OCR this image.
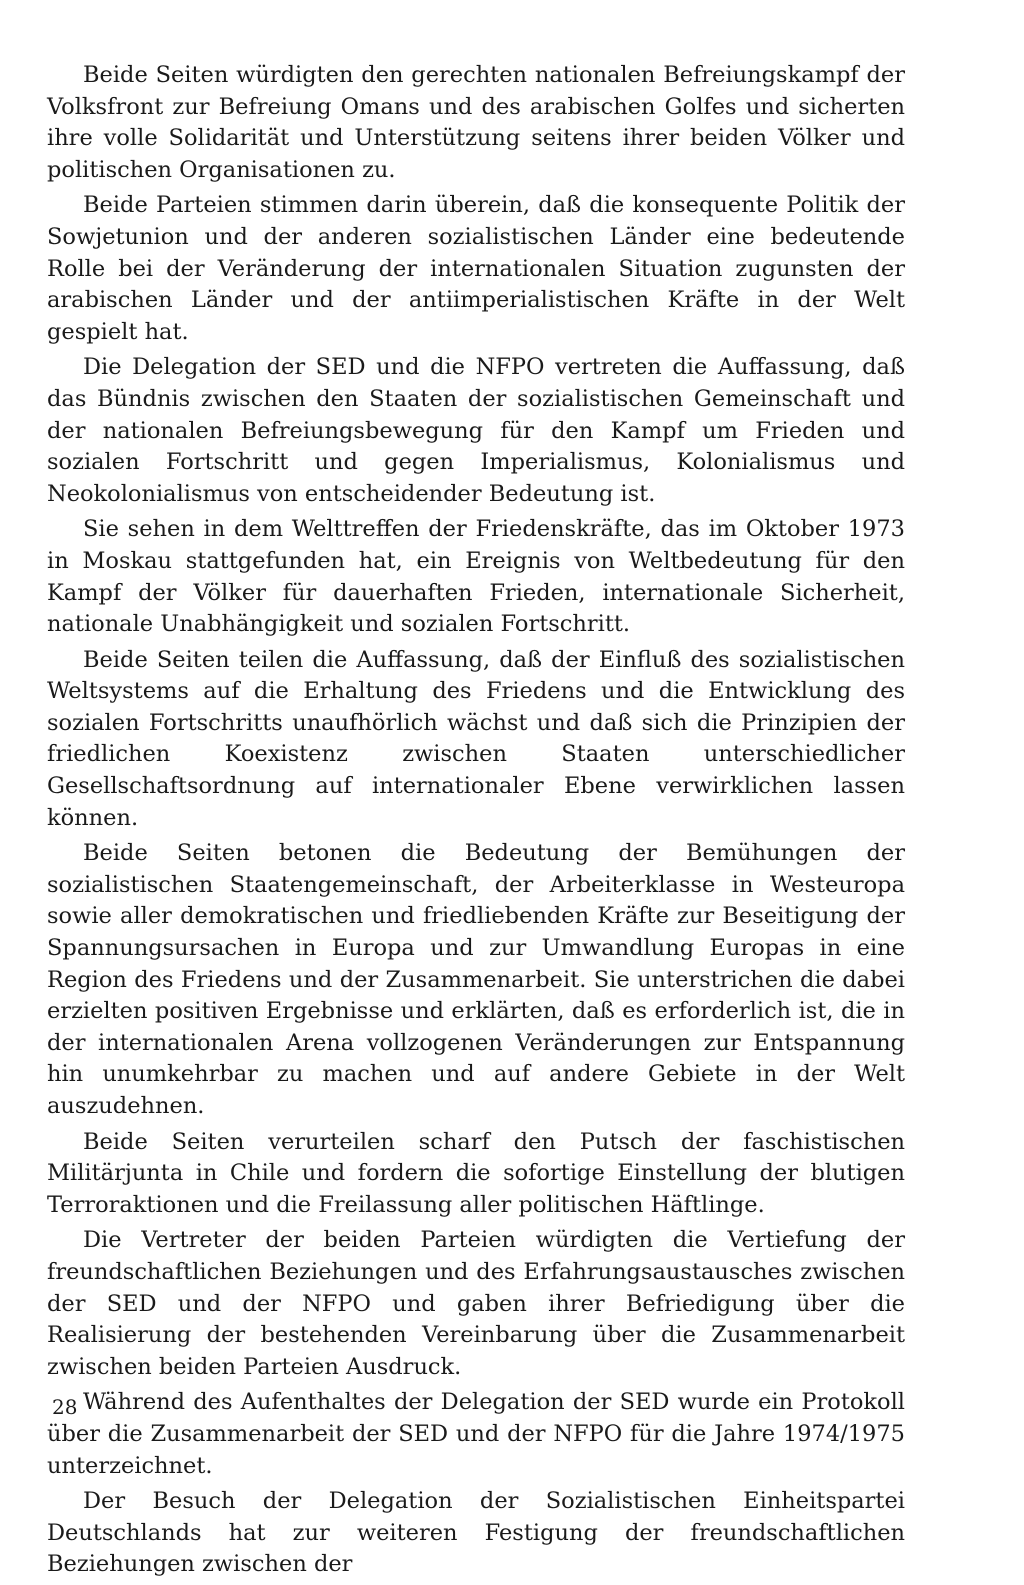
Beide Seiten würdigten den gerechten nationalen Befreiungskampf der Volksfront zur Befreiung Omans und des arabischen Golfes und sicherten ihre volle Solidarität und Unterstützung seitens ihrer beiden Völker und politischen Organisationen zu.

Beide Parteien stimmen darin überein, daß die konsequente Politik der Sowjetunion und der anderen sozialistischen Länder eine bedeutende Rolle bei der Veränderung der internationalen Situation zugunsten der arabischen Länder und der antiimperialistischen Kräfte in der Welt gespielt hat.

Die Delegation der SED und die NFPO vertreten die Auffassung, daß das Bündnis zwischen den Staaten der sozialistischen Gemeinschaft und der nationalen Befreiungsbewegung für den Kampf um Frieden und sozialen Fortschritt und gegen Imperialismus, Kolonialismus und Neokolonialismus von entscheidender Bedeutung ist.

Sie sehen in dem Welttreffen der Friedenskräfte, das im Oktober 1973 in Moskau stattgefunden hat, ein Ereignis von Weltbedeutung für den Kampf der Völker für dauerhaften Frieden, internationale Sicherheit, nationale Unabhängigkeit und sozialen Fortschritt.

Beide Seiten teilen die Auffassung, daß der Einfluß des sozialistischen Weltsystems auf die Erhaltung des Friedens und die Entwicklung des sozialen Fortschritts unaufhörlich wächst und daß sich die Prinzipien der friedlichen Koexistenz zwischen Staaten unterschiedlicher Gesellschaftsordnung auf internationaler Ebene verwirklichen lassen können.

Beide Seiten betonen die Bedeutung der Bemühungen der sozialistischen Staatengemeinschaft, der Arbeiterklasse in Westeuropa sowie aller demokratischen und friedliebenden Kräfte zur Beseitigung der Spannungsursachen in Europa und zur Umwandlung Europas in eine Region des Friedens und der Zusammenarbeit. Sie unterstrichen die dabei erzielten positiven Ergebnisse und erklärten, daß es erforderlich ist, die in der internationalen Arena vollzogenen Veränderungen zur Entspannung hin unumkehrbar zu machen und auf andere Gebiete in der Welt auszudehnen.

Beide Seiten verurteilen scharf den Putsch der faschistischen Militärjunta in Chile und fordern die sofortige Einstellung der blutigen Terroraktionen und die Freilassung aller politischen Häftlinge.

Die Vertreter der beiden Parteien würdigten die Vertiefung der freundschaftlichen Beziehungen und des Erfahrungsaustausches zwischen der SED und der NFPO und gaben ihrer Befriedigung über die Realisierung der bestehenden Vereinbarung über die Zusammenarbeit zwischen beiden Parteien Ausdruck.

Während des Aufenthaltes der Delegation der SED wurde ein Protokoll über die Zusammenarbeit der SED und der NFPO für die Jahre 1974/1975 unterzeichnet.

Der Besuch der Delegation der Sozialistischen Einheitspartei Deutschlands hat zur weiteren Festigung der freundschaftlichen Beziehungen zwischen der

28
